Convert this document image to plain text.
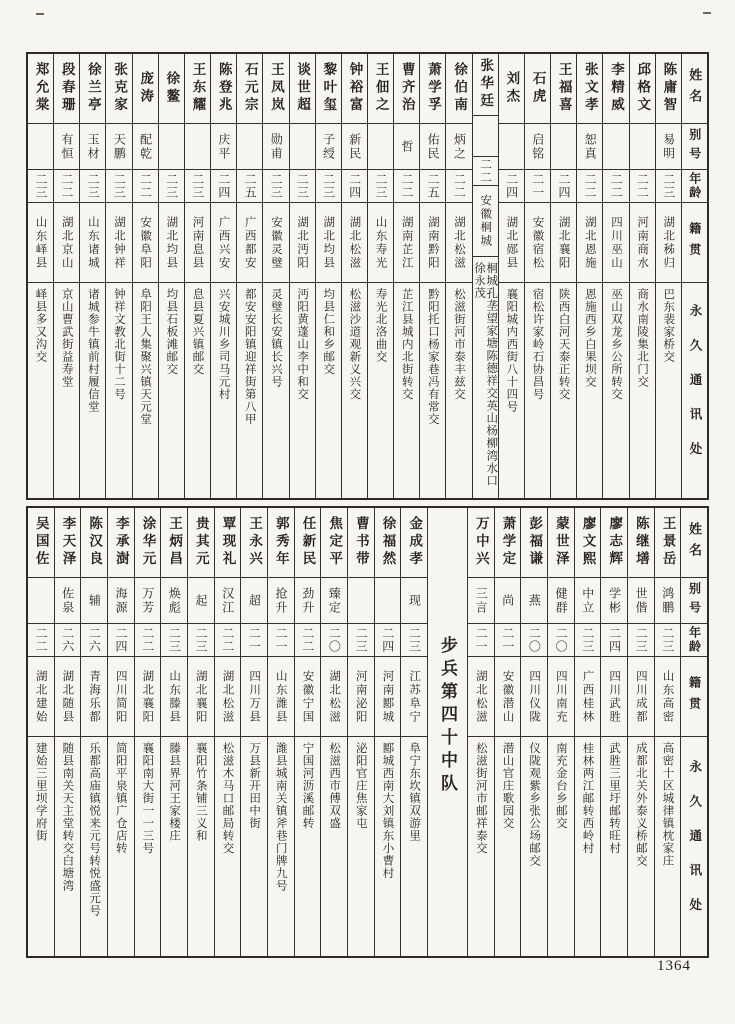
姓名
别号
年龄
籍贯
永久通讯处
陈庸智
易明
二三
湖北秭归
巴东裴家桥交
邱格文
二二
河南商水
商水南陵集北门交
李精威
二二
四川巫山
巫山双龙乡公所转交
张文孝
恕真
二二
湖北恩施
恩施西乡白果坝交
王福喜
二四
湖北襄阳
陕西白河天泰正转交
石虎
启铭
二一
安徽宿松
宿松许家岭石协昌号
刘杰
二四
湖北郧县
襄阳城内西街八十四号
张华廷
二二
安徽桐城
桐城孔垄望家塘陈德祥交英山杨柳湾水口徐永茂
徐伯南
炳之
二二
湖北松滋
松滋街河市泰丰兹交
萧学孚
佑民
二五
湖南黔阳
黔阳托口杨家巷冯有常交
曹齐治
哲
二二
湖南芷江
芷江县城内北街转交
王佃之
二三
山东寿光
寿光北洛曲交
钟裕富
新民
二四
湖北松滋
松滋沙道观新义兴交
黎叶玺
子绶
二三
湖北均县
均县仁和乡邮交
谈世超
二三
湖北沔阳
沔阳黄蓬山李中和交
王凤岚
勋甫
二三
安徽灵璧
灵璧长安镇长兴号
石元宗
二五
广西都安
都安安阳镇迎祥街第八甲
陈登兆
庆平
二四
广西兴安
兴安城川乡司马元村
王东耀
二三
河南息县
息县夏兴镇邮交
徐鳌
二三
湖北均县
均县石板滩邮交
庞涛
配乾
二二
安徽阜阳
阜阳王人集聚兴镇天元堂
张克家
天鹏
二三
湖北钟祥
钟祥文教北街十二号
徐兰亭
玉材
二三
山东诸城
诸城参牛镇前村履信堂
段春珊
有恒
二二
湖北京山
京山曹武街益寿堂
郑允棠
二三
山东峄县
峄县多又沟交
姓名
别号
年龄
籍贯
永久通讯处
王景岳
鸿鹏
二三
山东高密
高密十区城律镇枕家庄
陈继墡
世偕
二三
四川成都
成都北关外泰义桥邮交
廖志辉
学彬
二四
四川武胜
武胜三里圩邮转旺村
廖文熙
中立
二三
广西桂林
桂林两江邮转西岭村
蒙世泽
健群
二〇
四川南充
南充金台乡邮交
彭福谦
燕
二〇
四川仪陇
仪陇观紫乡张公场邮交
萧学定
尚
二一
安徽潜山
潜山官庄歌园交
万中兴
三言
二一
湖北松滋
松滋街河市邮祥泰交
步兵第四十中队
金成孝
现
二三
江苏阜宁
阜宁东坎镇双游里
徐福然
二四
河南郾城
郾城西南大刘镇东小曹村
曹书带
二三
河南泌阳
泌阳官庄焦家屯
焦定平
臻定
二〇
湖北松滋
松滋西市傅双盛
任新民
劲升
二二
安徽宁国
宁国河沥溪邮转
郭秀年
抢升
二一
山东潍县
潍县城南关镇斧巷门牌九号
王永兴
超
二一
四川万县
万县新开田中街
覃现礼
汉江
二二
湖北松滋
松滋木马口邮局转交
贵其元
起
二三
湖北襄阳
襄阳竹条铺三义和
王炳昌
焕彪
二三
山东滕县
滕县界河王家楼庄
涂华元
万芳
二二
湖北襄阳
襄阳南大街一一三号
李承澍
海源
二四
四川简阳
简阳平泉镇广仓店转
陈汉良
辅
二六
青海乐都
乐都高庙镇悦来元号转悦盛元号
李天泽
佐泉
二六
湖北随县
随县南关天主堂转交白塘湾
吴国佐
二二
湖北建始
建始三里坝学府街
1364
